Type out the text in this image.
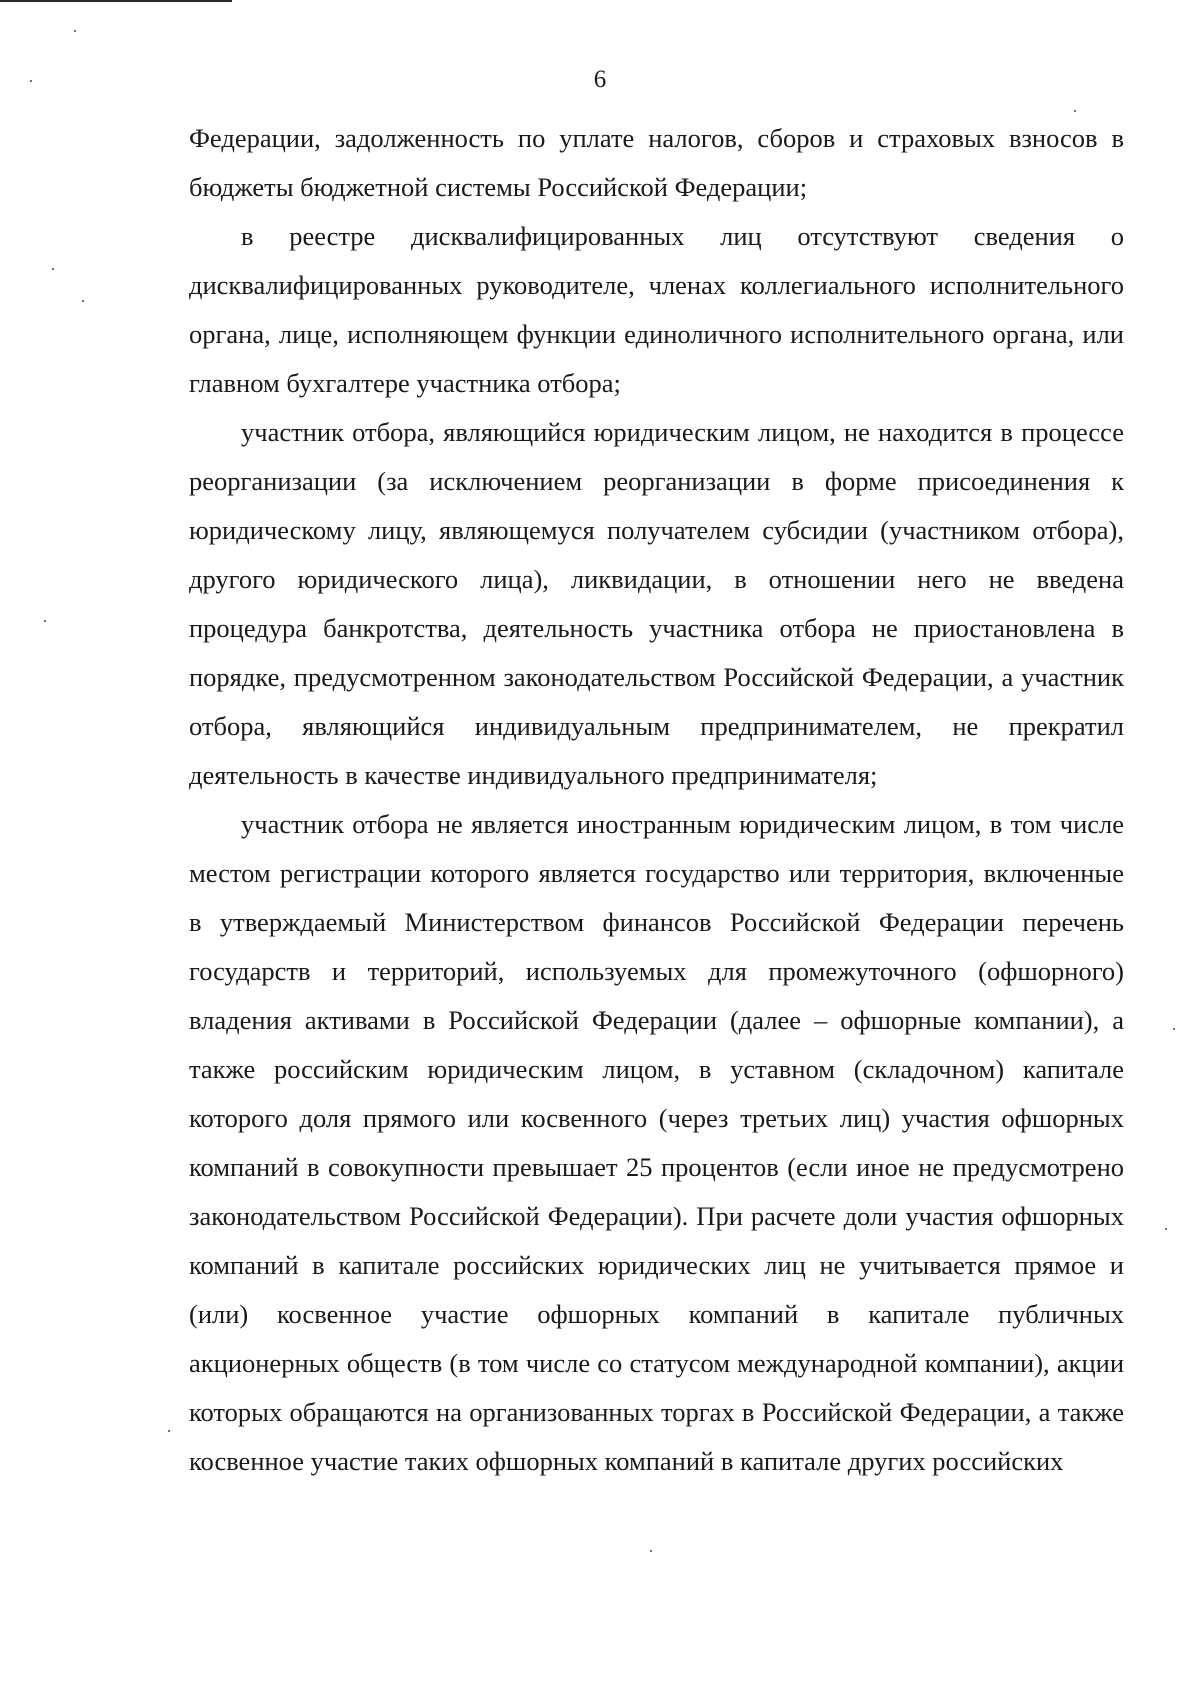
6

Федерации, задолженность по уплате налогов, сборов и страховых взносов в бюджеты бюджетной системы Российской Федерации;

в реестре дисквалифицированных лиц отсутствуют сведения о дисквалифицированных руководителе, членах коллегиального исполнительного органа, лице, исполняющем функции единоличного исполнительного органа, или главном бухгалтере участника отбора;

участник отбора, являющийся юридическим лицом, не находится в процессе реорганизации (за исключением реорганизации в форме присоединения к юридическому лицу, являющемуся получателем субсидии (участником отбора), другого юридического лица), ликвидации, в отношении него не введена процедура банкротства, деятельность участника отбора не приостановлена в порядке, предусмотренном законодательством Российской Федерации, а участник отбора, являющийся индивидуальным предпринимателем, не прекратил деятельность в качестве индивидуального предпринимателя;

участник отбора не является иностранным юридическим лицом, в том числе местом регистрации которого является государство или территория, включенные в утверждаемый Министерством финансов Российской Федерации перечень государств и территорий, используемых для промежуточного (офшорного) владения активами в Российской Федерации (далее – офшорные компании), а также российским юридическим лицом, в уставном (складочном) капитале которого доля прямого или косвенного (через третьих лиц) участия офшорных компаний в совокупности превышает 25 процентов (если иное не предусмотрено законодательством Российской Федерации). При расчете доли участия офшорных компаний в капитале российских юридических лиц не учитывается прямое и (или) косвенное участие офшорных компаний в капитале публичных акционерных обществ (в том числе со статусом международной компании), акции которых обращаются на организованных торгах в Российской Федерации, а также косвенное участие таких офшорных компаний в капитале других российских
